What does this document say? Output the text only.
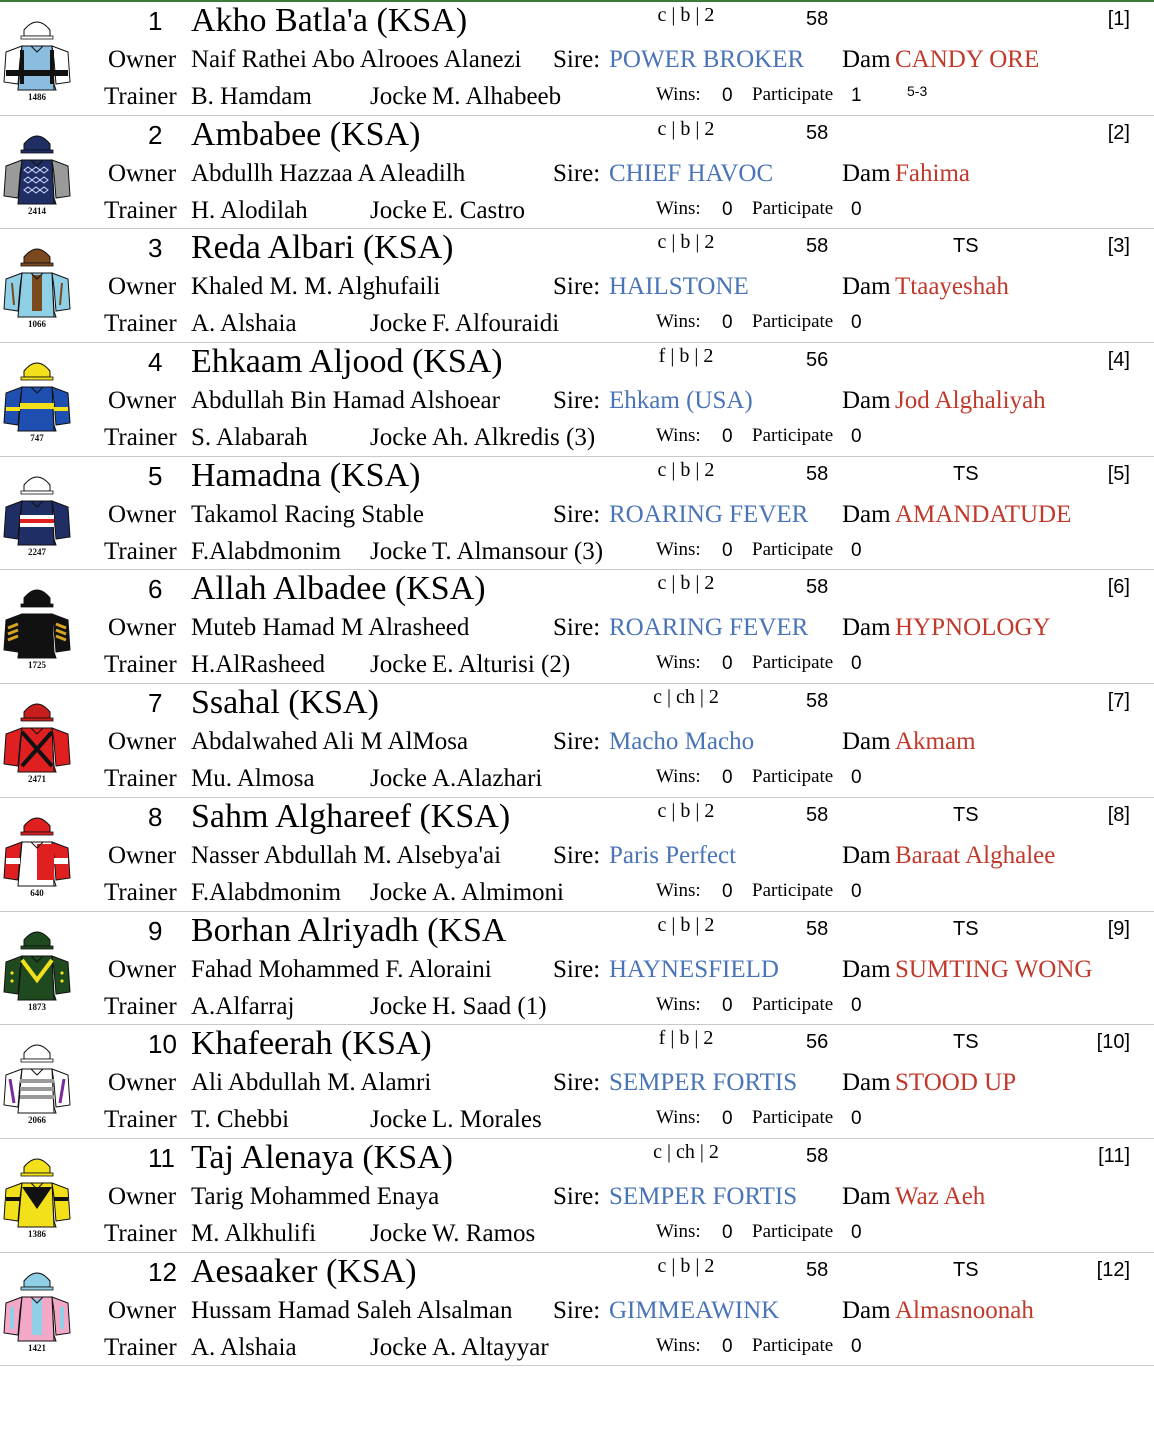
1486
1 Akho Batla'a (KSA)	c | b | 2	58	[1]
Owner Naif Rathei Abo Alrooes Alanezi Sire: POWER BROKER Dam CANDY ORE
Trainer B. Hamdam Jocke M. Alhabeeb	Wins: 0 Participate 1	5-3
2414
2 Ambabee (KSA)	c | b | 2	58	[2]
Owner Abdullh Hazzaa A Aleadilh	Sire: CHIEF HAVOC	Dam Fahima
Trainer H. Alodilah Jocke E. Castro	Wins: 0 Participate 0
1066
3 Reda Albari (KSA)	c | b | 2	58	TS	[3]
Owner Khaled M. M. Alghufaili	Sire: HAILSTONE	Dam Ttaayeshah
Trainer A. Alshaia	Jocke F. Alfouraidi	Wins: 0 Participate 0
747
4 Ehkaam Aljood (KSA)	f | b | 2	56	[4]
Owner Abdullah Bin Hamad Alshoear Sire: Ehkam (USA)	Dam Jod Alghaliyah
Trainer S. Alabarah Jocke Ah. Alkredis (3)	Wins: 0 Participate 0
2247
5 Hamadna (KSA)	c | b | 2	58	TS	[5]
Owner Takamol Racing Stable	Sire: ROARING FEVER Dam AMANDATUDE
Trainer F.Alabdmonim Jocke T. Almansour (3)	Wins: 0 Participate 0
1725
6 Allah Albadee (KSA)	c | b | 2	58	[6]
Owner Muteb Hamad M Alrasheed	Sire: ROARING FEVER Dam HYPNOLOGY
Trainer H.AlRasheed Jocke E. Alturisi (2)	Wins: 0 Participate 0
2471
7 Ssahal (KSA)	c | ch | 2	58	[7]
Owner Abdalwahed Ali M AlMosa	Sire: Macho Macho	Dam Akmam
Trainer Mu. Almosa Jocke A.Alazhari	Wins: 0 Participate 0
640
8 Sahm Alghareef (KSA)	c | b | 2	58	TS	[8]
Owner Nasser Abdullah M. Alsebya'ai Sire: Paris Perfect	Dam Baraat Alghalee
Trainer F.Alabdmonim Jocke A. Almimoni	Wins: 0 Participate 0
1873
9 Borhan Alriyadh (KSA	c | b | 2	58	TS	[9]
Owner Fahad Mohammed F. Aloraini Sire: HAYNESFIELD	Dam SUMTING WONG
Trainer A.Alfarraj	Jocke H. Saad (1)	Wins: 0 Participate 0
2066
10 Khafeerah (KSA)	f | b | 2	56	TS	[10]
Owner Ali Abdullah M. Alamri	Sire: SEMPER FORTIS Dam STOOD UP
Trainer T. Chebbi	Jocke L. Morales	Wins: 0 Participate 0
1386
11 Taj Alenaya (KSA)	c | ch | 2	58	[11]
Owner Tarig Mohammed Enaya	Sire: SEMPER FORTIS Dam Waz Aeh
Trainer M. Alkhulifi Jocke W. Ramos	Wins: 0 Participate 0
1421
12 Aesaaker (KSA)	c | b | 2	58	TS	[12]
Owner Hussam Hamad Saleh Alsalman Sire: GIMMEAWINK	Dam Almasnoonah
Trainer A. Alshaia	Jocke A. Altayyar	Wins: 0 Participate 0
